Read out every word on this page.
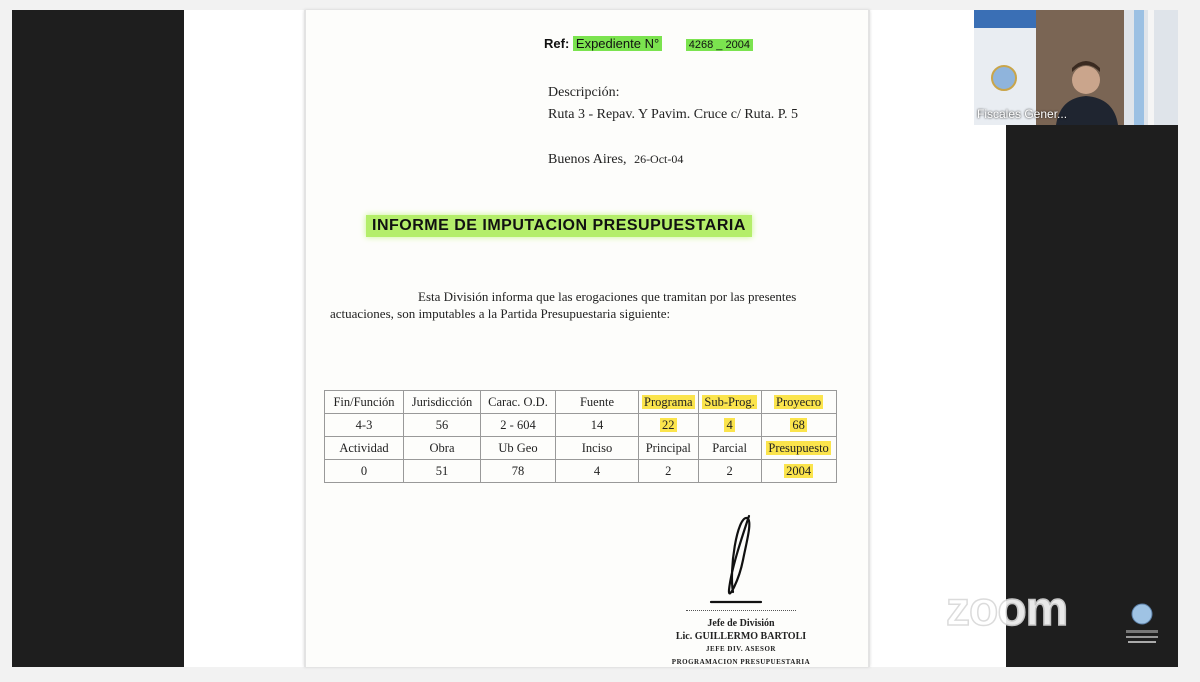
Ref: Expediente N°	4268 _ 2004
Descripción:
Ruta 3 - Repav. Y Pavim. Cruce c/ Ruta. P. 5
Buenos Aires, 26-Oct-04
INFORME DE IMPUTACION PRESUPUESTARIA
Esta División informa que las erogaciones que tramitan por las presentes
actuaciones, son imputables a la Partida Presupuestaria siguiente:
Fin/Función	Jurisdicción	Carac. O.D.	Fuente	Programa	Sub-Prog.	Proyecro
4-3	56	2 - 604	14	22	4	68
Actividad	Obra	Ub Geo	Inciso	Principal	Parcial	Presupuesto
0	51	78	4	2	2	2004
Jefe de División
Lic. GUILLERMO BARTOLI
JEFE DIV. ASESOR
PROGRAMACION PRESUPUESTARIA
Fiscales Gener...
zoom
